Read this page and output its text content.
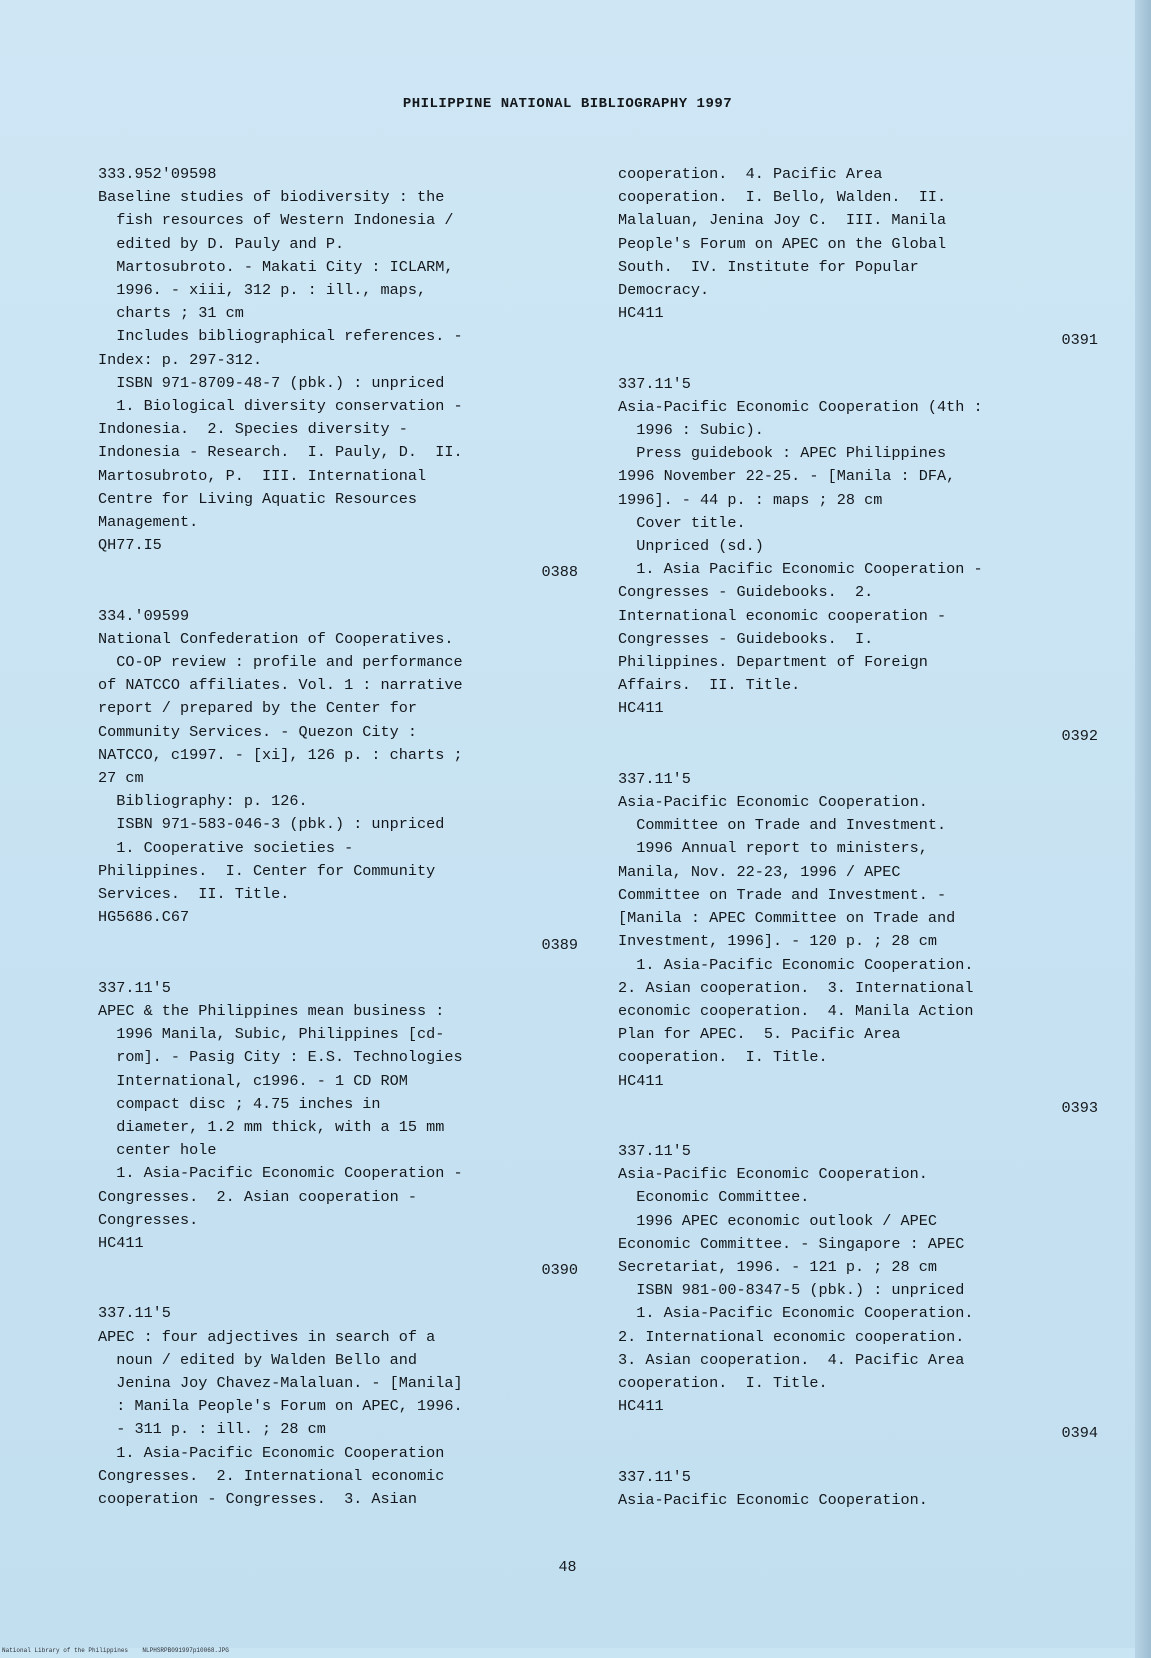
PHILIPPINE NATIONAL BIBLIOGRAPHY 1997
333.952'09598
Baseline studies of biodiversity : the
fish resources of Western Indonesia /
edited by D. Pauly and P.
Martosubroto. - Makati City : ICLARM,
1996. - xiii, 312 p. : ill., maps,
charts ; 31 cm
Includes bibliographical references. -
Index: p. 297-312.
ISBN 971-8709-48-7 (pbk.) : unpriced
1. Biological diversity conservation -
Indonesia.  2. Species diversity -
Indonesia - Research.  I. Pauly, D.  II.
Martosubroto, P.  III. International
Centre for Living Aquatic Resources
Management.
QH77.I5
0388
334.'09599
National Confederation of Cooperatives.
CO-OP review : profile and performance
of NATCCO affiliates. Vol. 1 : narrative
report / prepared by the Center for
Community Services. - Quezon City :
NATCCO, c1997. - [xi], 126 p. : charts ;
27 cm
Bibliography: p. 126.
ISBN 971-583-046-3 (pbk.) : unpriced
1. Cooperative societies -
Philippines.  I. Center for Community
Services.  II. Title.
HG5686.C67
0389
337.11'5
APEC & the Philippines mean business :
1996 Manila, Subic, Philippines [cd-
rom]. - Pasig City : E.S. Technologies
International, c1996. - 1 CD ROM
compact disc ; 4.75 inches in
diameter, 1.2 mm thick, with a 15 mm
center hole
1. Asia-Pacific Economic Cooperation -
Congresses.  2. Asian cooperation -
Congresses.
HC411
0390
337.11'5
APEC : four adjectives in search of a
noun / edited by Walden Bello and
Jenina Joy Chavez-Malaluan. - [Manila]
: Manila People's Forum on APEC, 1996.
- 311 p. : ill. ; 28 cm
1. Asia-Pacific Economic Cooperation
Congresses.  2. International economic
cooperation - Congresses.  3. Asian
cooperation.  4. Pacific Area
cooperation.  I. Bello, Walden.  II.
Malaluan, Jenina Joy C.  III. Manila
People's Forum on APEC on the Global
South.  IV. Institute for Popular
Democracy.
HC411
0391
337.11'5
Asia-Pacific Economic Cooperation (4th :
1996 : Subic).
Press guidebook : APEC Philippines
1996 November 22-25. - [Manila : DFA,
1996]. - 44 p. : maps ; 28 cm
Cover title.
Unpriced (sd.)
1. Asia Pacific Economic Cooperation -
Congresses - Guidebooks.  2.
International economic cooperation -
Congresses - Guidebooks.  I.
Philippines. Department of Foreign
Affairs.  II. Title.
HC411
0392
337.11'5
Asia-Pacific Economic Cooperation.
Committee on Trade and Investment.
1996 Annual report to ministers,
Manila, Nov. 22-23, 1996 / APEC
Committee on Trade and Investment. -
[Manila : APEC Committee on Trade and
Investment, 1996]. - 120 p. ; 28 cm
1. Asia-Pacific Economic Cooperation.
2. Asian cooperation.  3. International
economic cooperation.  4. Manila Action
Plan for APEC.  5. Pacific Area
cooperation.  I. Title.
HC411
0393
337.11'5
Asia-Pacific Economic Cooperation.
Economic Committee.
1996 APEC economic outlook / APEC
Economic Committee. - Singapore : APEC
Secretariat, 1996. - 121 p. ; 28 cm
ISBN 981-00-8347-5 (pbk.) : unpriced
1. Asia-Pacific Economic Cooperation.
2. International economic cooperation.
3. Asian cooperation.  4. Pacific Area
cooperation.  I. Title.
HC411
0394
337.11'5
Asia-Pacific Economic Cooperation.
48
National Library of the Philippines    NLPHSRPB091997p10068.JPG
